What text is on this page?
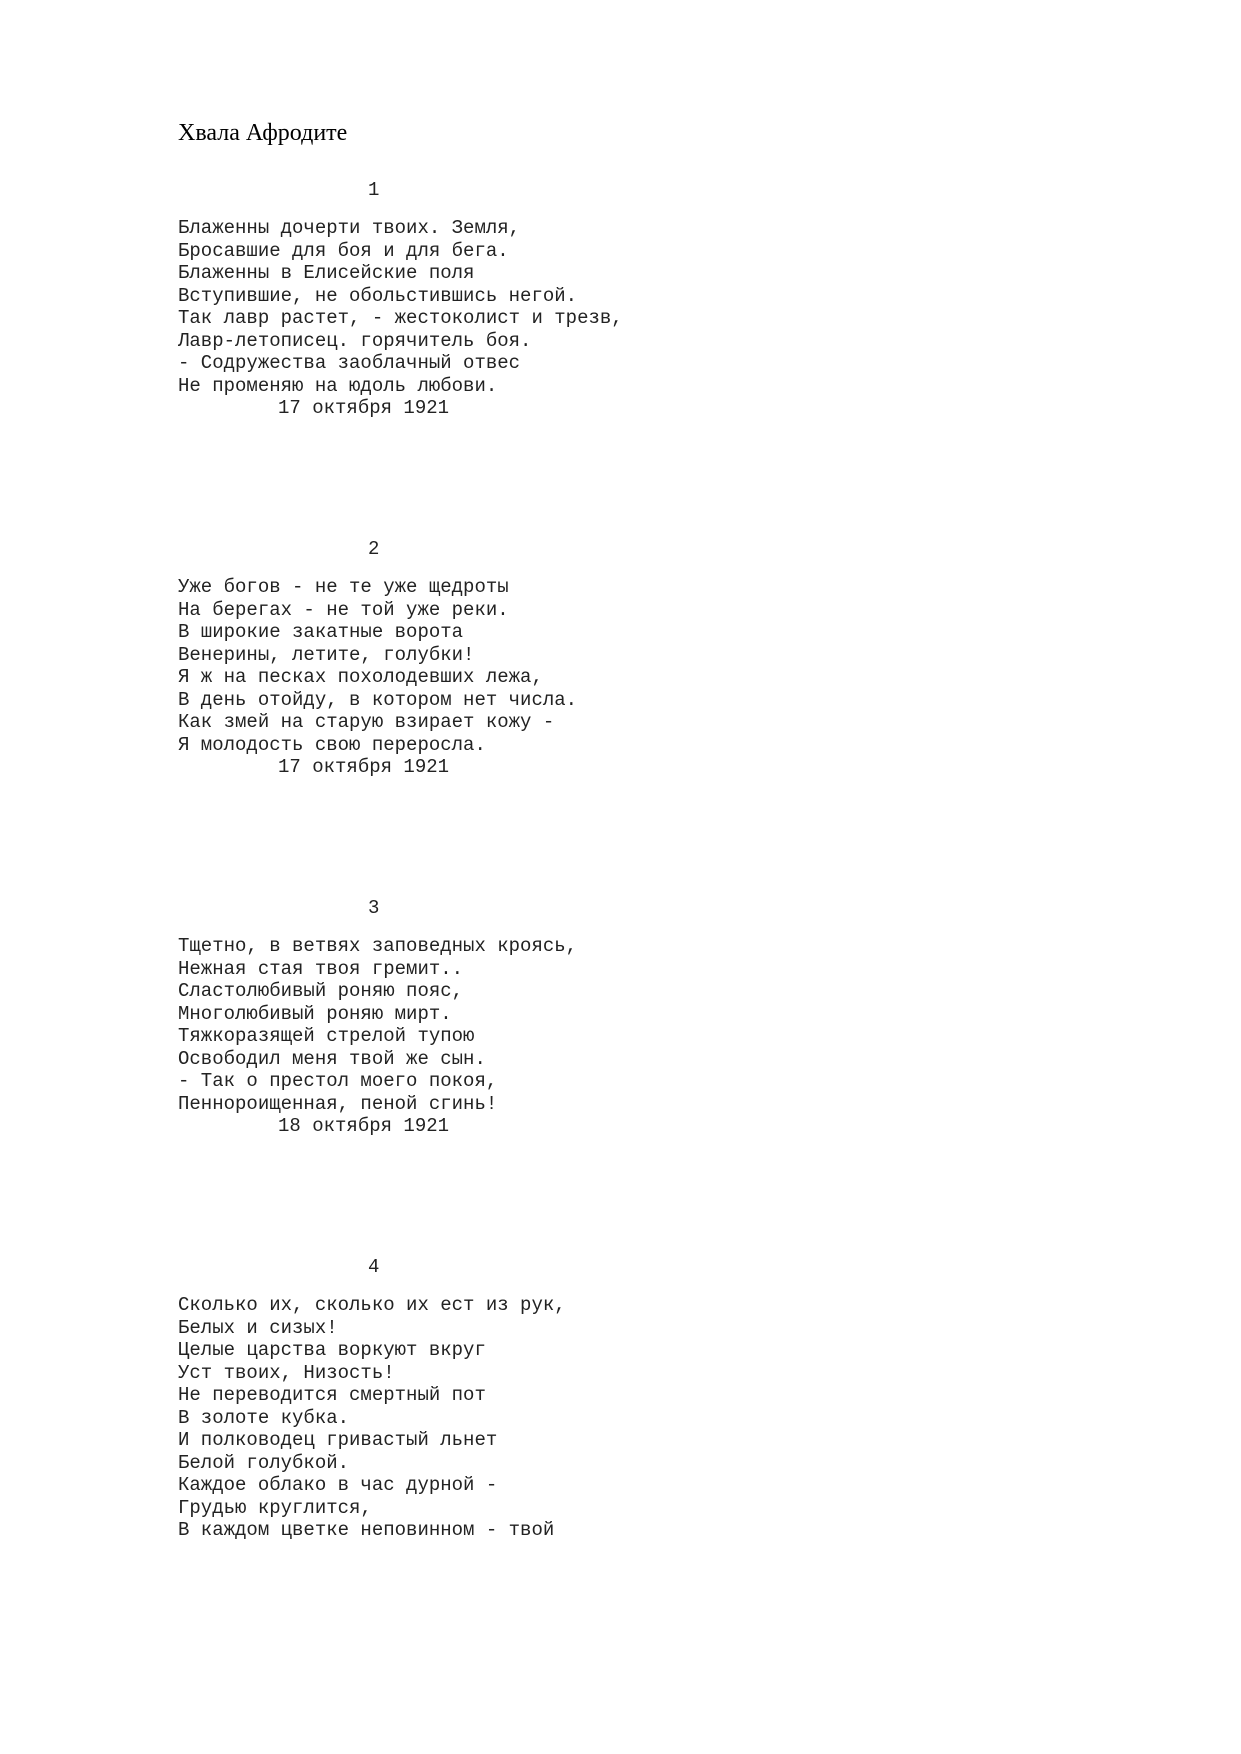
Хвала Афродите
1
Блаженны дочерти твоих. Земля,
Бросавшие для боя и для бега.
Блаженны в Елисейские поля
Вступившие, не обольстившись негой.
Так лавр растет, - жестоколист и трезв,
Лавр-летописец. горячитель боя.
- Содружества заоблачный отвес
Не променяю на юдоль любови.
17 октября 1921
2
Уже богов - не те уже щедроты
На берегах - не той уже реки.
В широкие закатные ворота
Венерины, летите, голубки!
Я ж на песках похолодевших лежа,
В день отойду, в котором нет числа.
Как змей на старую взирает кожу -
Я молодость свою переросла.
17 октября 1921
3
Тщетно, в ветвях заповедных кроясь,
Нежная стая твоя гремит..
Сластолюбивый роняю пояс,
Многолюбивый роняю мирт.
Тяжкоразящей стрелой тупою
Освободил меня твой же сын.
- Так о престол моего покоя,
Пеннороищенная, пеной сгинь!
18 октября 1921
4
Сколько их, сколько их ест из рук,
Белых и сизых!
Целые царства воркуют вкруг
Уст твоих, Низость!
Не переводится смертный пот
В золоте кубка.
И полководец гривастый льнет
Белой голубкой.
Каждое облако в час дурной -
Грудью круглится,
В каждом цветке неповинном - твой
